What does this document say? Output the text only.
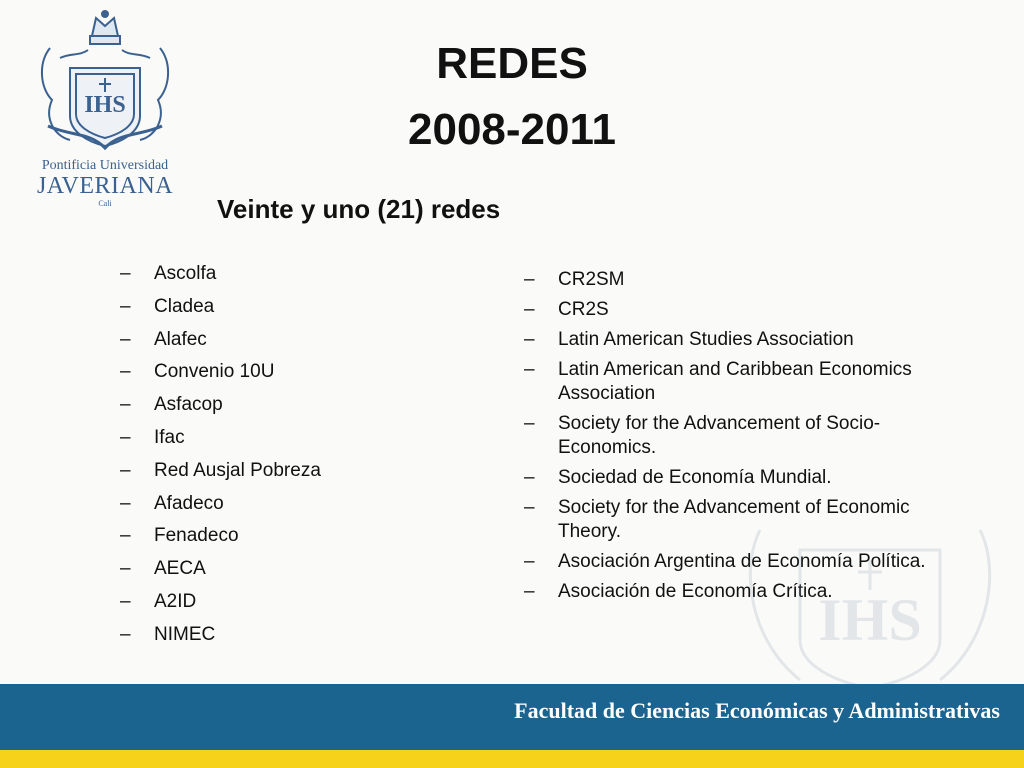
IHS
Pontificia Universidad
JAVERIANA
Cali
REDES
2008-2011
Veinte y uno (21) redes
– Ascolfa
– Cladea
– Alafec
– Convenio 10U
– Asfacop
– Ifac
– Red Ausjal Pobreza
– Afadeco
– Fenadeco
– AECA
– A2ID
– NIMEC
– CR2SM
– CR2S
– Latin American Studies Association
– Latin American and Caribbean Economics Association
– Society for the Advancement of Socio-Economics.
– Sociedad de Economía Mundial.
– Society for the Advancement of Economic Theory.
– Asociación Argentina de Economía Política.
– Asociación de Economía Crítica.
IHS
Facultad de Ciencias Económicas y Administrativas
